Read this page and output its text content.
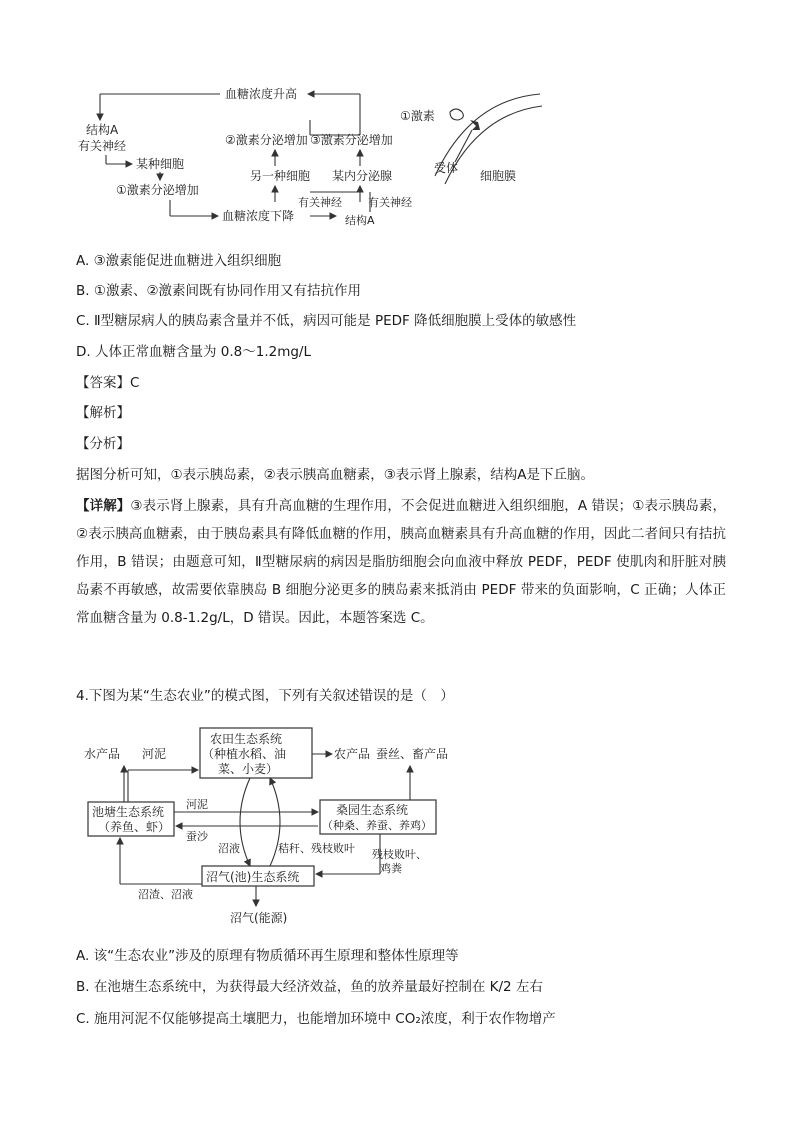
血糖浓度升高
结构A
有关神经
某种细胞
①激素分泌增加
②激素分泌增加 ③激素分泌增加
另一种细胞 某内分泌腺
有关神经 有关神经
血糖浓度下降	结构A
①激素
受体
细胞膜
A. ③激素能促进血糖进入组织细胞
B. ①激素、②激素间既有协同作用又有拮抗作用
C. Ⅱ型糖尿病人的胰岛素含量并不低，病因可能是 PEDF 降低细胞膜上受体的敏感性
D. 人体正常血糖含量为 0.8～1.2mg/L
【答案】C
【解析】
【分析】
据图分析可知，①表示胰岛素，②表示胰高血糖素，③表示肾上腺素，结构A是下丘脑。
【详解】③表示肾上腺素，具有升高血糖的生理作用，不会促进血糖进入组织细胞，A 错误；①表示胰岛素，②表示胰高血糖素，由于胰岛素具有降低血糖的作用，胰高血糖素具有升高血糖的作用，因此二者间只有拮抗作用，B 错误；由题意可知，Ⅱ型糖尿病的病因是脂肪细胞会向血液中释放 PEDF，PEDF 使肌肉和肝脏对胰岛素不再敏感，故需要依靠胰岛 B 细胞分泌更多的胰岛素来抵消由 PEDF 带来的负面影响，C 正确；人体正常血糖含量为 0.8-1.2g/L，D 错误。因此，本题答案选 C。
4.下图为某“生态农业”的模式图，下列有关叙述错误的是（　）
水产品 河泥
农田生态系统
（种植水稻、油
菜、小麦）
农产品 蚕丝、畜产品
池塘生态系统
（养鱼、虾）
河泥
蚕沙
桑园生态系统
（种桑、养蚕、养鸡）
沼液	秸秆、残枝败叶 残枝败叶、
鸡粪
沼气(池)生态系统
沼渣、沼液
沼气(能源)
A. 该“生态农业”涉及的原理有物质循环再生原理和整体性原理等
B. 在池塘生态系统中，为获得最大经济效益，鱼的放养量最好控制在 K/2 左右
C. 施用河泥不仅能够提高土壤肥力，也能增加环境中 CO₂浓度，利于农作物增产
